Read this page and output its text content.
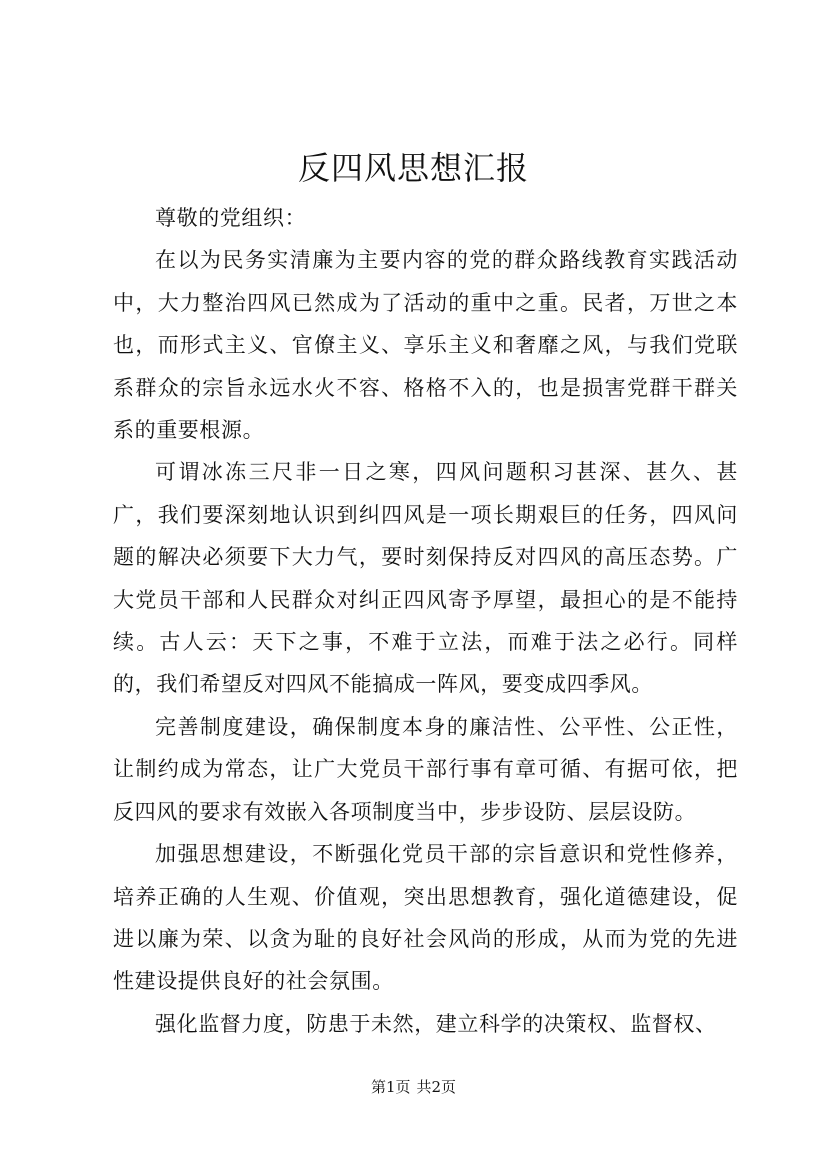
反四风思想汇报

尊敬的党组织：

在以为民务实清廉为主要内容的党的群众路线教育实践活动中，大力整治四风已然成为了活动的重中之重。民者，万世之本也，而形式主义、官僚主义、享乐主义和奢靡之风，与我们党联系群众的宗旨永远水火不容、格格不入的，也是损害党群干群关系的重要根源。

可谓冰冻三尺非一日之寒，四风问题积习甚深、甚久、甚广，我们要深刻地认识到纠四风是一项长期艰巨的任务，四风问题的解决必须要下大力气，要时刻保持反对四风的高压态势。广大党员干部和人民群众对纠正四风寄予厚望，最担心的是不能持续。古人云：天下之事，不难于立法，而难于法之必行。同样的，我们希望反对四风不能搞成一阵风，要变成四季风。

完善制度建设，确保制度本身的廉洁性、公平性、公正性，让制约成为常态，让广大党员干部行事有章可循、有据可依，把反四风的要求有效嵌入各项制度当中，步步设防、层层设防。

加强思想建设，不断强化党员干部的宗旨意识和党性修养，培养正确的人生观、价值观，突出思想教育，强化道德建设，促进以廉为荣、以贪为耻的良好社会风尚的形成，从而为党的先进性建设提供良好的社会氛围。

强化监督力度，防患于未然，建立科学的决策权、监督权、

第1页 共2页
